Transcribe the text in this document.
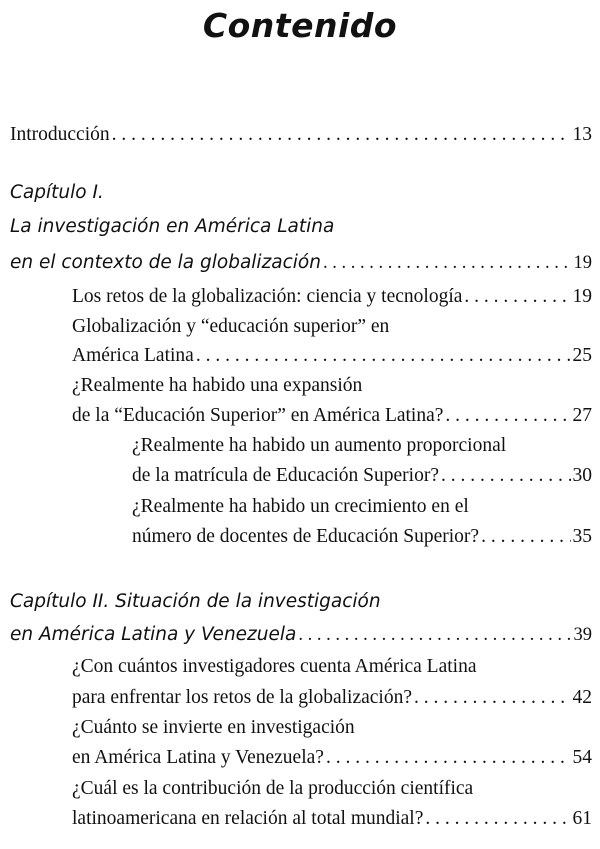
Contenido
Introducción . . .	13
Capítulo I.
La investigación en América Latina
en el contexto de la globalización . . .	19
Los retos de la globalización: ciencia y tecnología . . .	19
Globalización y “educación superior” en
América Latina . . .	25
¿Realmente ha habido una expansión
de la “Educación Superior” en América Latina? . . .	27
¿Realmente ha habido un aumento proporcional
de la matrícula de Educación Superior? . . .	30
¿Realmente ha habido un crecimiento en el
número de docentes de Educación Superior? . . .	35
Capítulo II. Situación de la investigación
en América Latina y Venezuela . . .	39
¿Con cuántos investigadores cuenta América Latina
para enfrentar los retos de la globalización? . . .	42
¿Cuánto se invierte en investigación
en América Latina y Venezuela? . . .	54
¿Cuál es la contribución de la producción científica
latinoamericana en relación al total mundial? . . .	61
